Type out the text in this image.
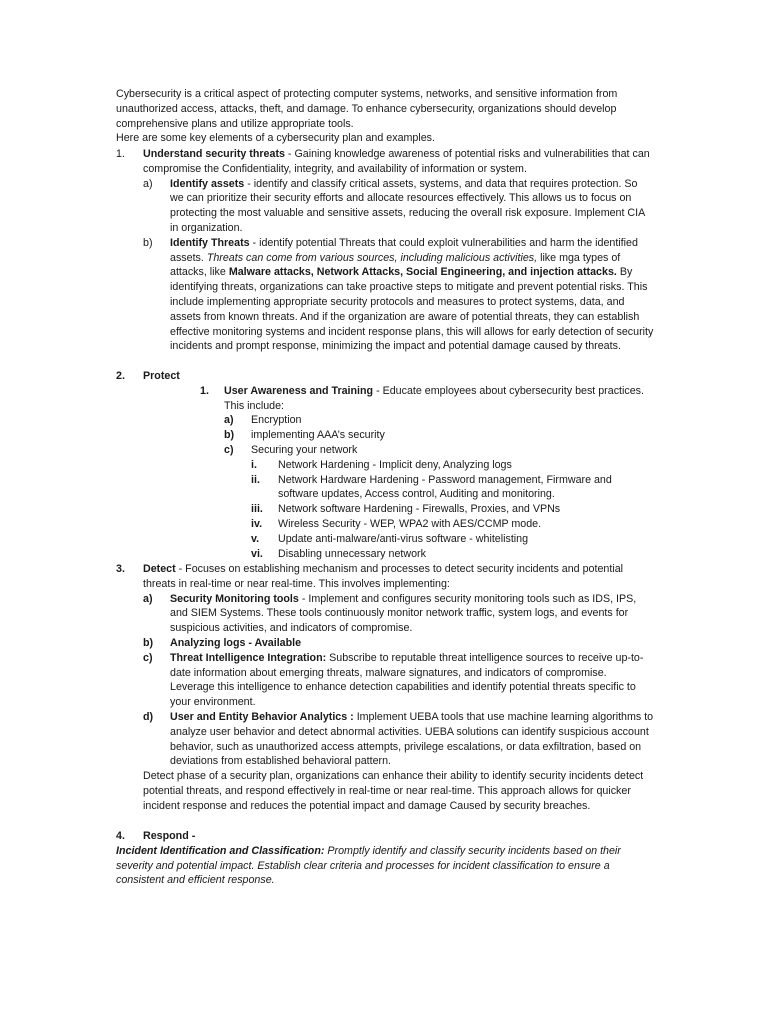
Cybersecurity is a critical aspect of protecting computer systems, networks, and sensitive information from unauthorized access, attacks, theft, and damage. To enhance cybersecurity, organizations should develop comprehensive plans and utilize appropriate tools.

Here are some key elements of a cybersecurity plan and examples.

1. Understand security threats - Gaining knowledge awareness of potential risks and vulnerabilities that can compromise the Confidentiality, integrity, and availability of information or system.

a) Identify assets - identify and classify critical assets, systems, and data that requires protection. So we can prioritize their security efforts and allocate resources effectively. This allows us to focus on protecting the most valuable and sensitive assets, reducing the overall risk exposure. Implement CIA in organization.

b) Identify Threats - identify potential Threats that could exploit vulnerabilities and harm the identified assets. Threats can come from various sources, including malicious activities, like mga types of attacks, like Malware attacks, Network Attacks, Social Engineering, and injection attacks. By identifying threats, organizations can take proactive steps to mitigate and prevent potential risks. This include implementing appropriate security protocols and measures to protect systems, data, and assets from known threats. And if the organization are aware of potential threats, they can establish effective monitoring systems and incident response plans, this will allows for early detection of security incidents and prompt response, minimizing the impact and potential damage caused by threats.

2. Protect

1. User Awareness and Training - Educate employees about cybersecurity best practices. This include:

a) Encryption

b) implementing AAA’s security

c) Securing your network

i. Network Hardening - Implicit deny, Analyzing logs

ii. Network Hardware Hardening - Password management, Firmware and software updates, Access control, Auditing and monitoring.

iii. Network software Hardening - Firewalls, Proxies, and VPNs

iv. Wireless Security - WEP, WPA2 with AES/CCMP mode.

v. Update anti-malware/anti-virus software - whitelisting

vi. Disabling unnecessary network

3. Detect - Focuses on establishing mechanism and processes to detect security incidents and potential threats in real-time or near real-time. This involves implementing:

a) Security Monitoring tools - Implement and configures security monitoring tools such as IDS, IPS, and SIEM Systems. These tools continuously monitor network traffic, system logs, and events for suspicious activities, and indicators of compromise.

b) Analyzing logs - Available

c) Threat Intelligence Integration: Subscribe to reputable threat intelligence sources to receive up-to-date information about emerging threats, malware signatures, and indicators of compromise. Leverage this intelligence to enhance detection capabilities and identify potential threats specific to your environment.

d) User and Entity Behavior Analytics : Implement UEBA tools that use machine learning algorithms to analyze user behavior and detect abnormal activities. UEBA solutions can identify suspicious account behavior, such as unauthorized access attempts, privilege escalations, or data exfiltration, based on deviations from established behavioral pattern.

Detect phase of a security plan, organizations can enhance their ability to identify security incidents detect potential threats, and respond effectively in real-time or near real-time. This approach allows for quicker incident response and reduces the potential impact and damage Caused by security breaches.

4. Respond -

Incident Identification and Classification: Promptly identify and classify security incidents based on their severity and potential impact. Establish clear criteria and processes for incident classification to ensure a consistent and efficient response.
